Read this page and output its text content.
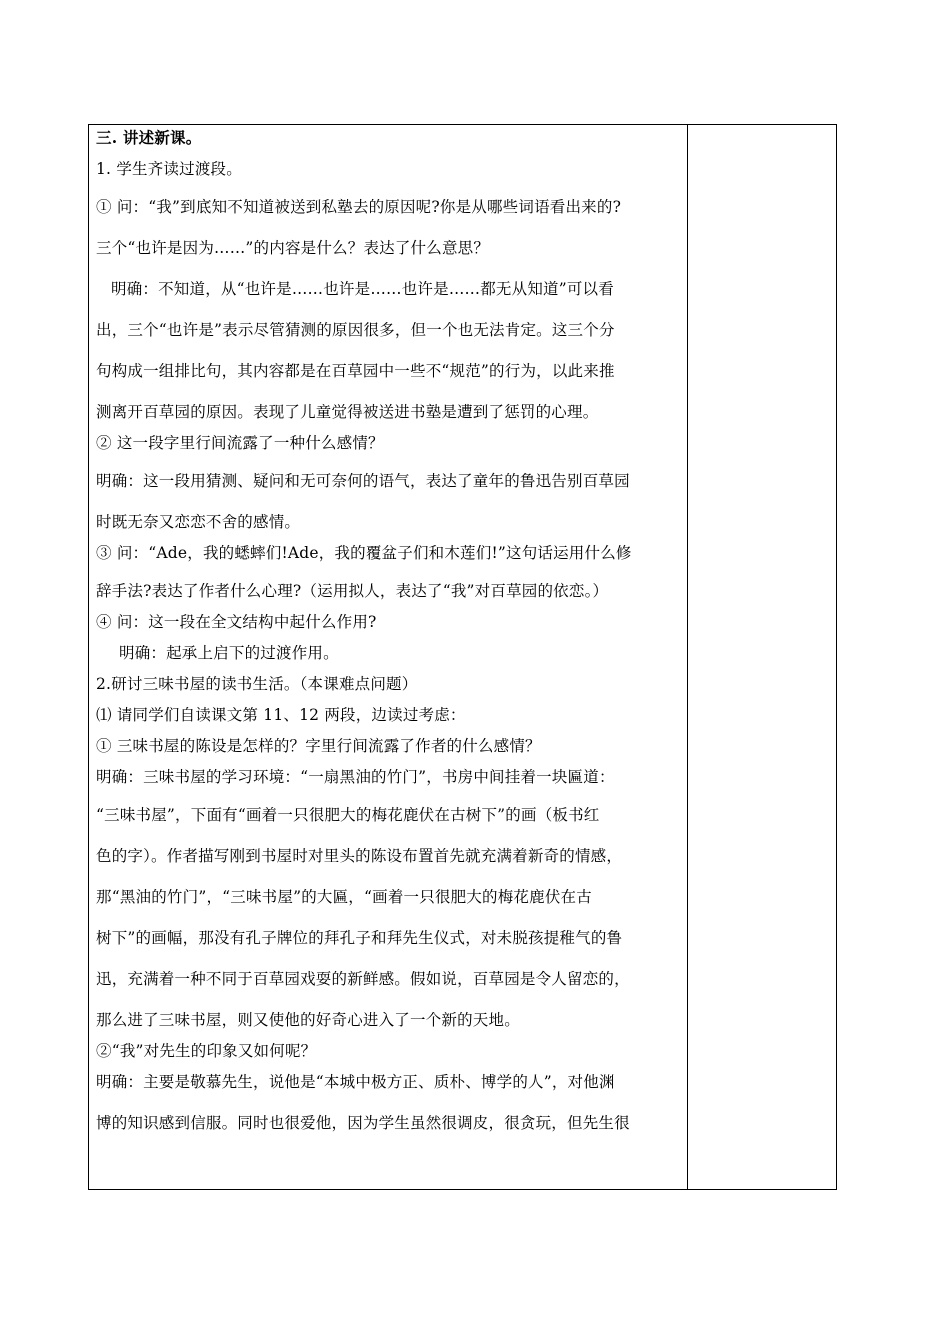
三. 讲述新课。
1. 学生齐读过渡段。
① 问：“我”到底知不知道被送到私塾去的原因呢?你是从哪些词语看出来的?
三个“也许是因为……”的内容是什么？表达了什么意思？
明确：不知道，从“也许是……也许是……也许是……都无从知道”可以看
出，三个“也许是”表示尽管猜测的原因很多，但一个也无法肯定。这三个分
句构成一组排比句，其内容都是在百草园中一些不“规范”的行为，以此来推
测离开百草园的原因。表现了儿童觉得被送进书塾是遭到了惩罚的心理。
② 这一段字里行间流露了一种什么感情？
明确：这一段用猜测、疑问和无可奈何的语气，表达了童年的鲁迅告别百草园
时既无奈又恋恋不舍的感情。
③ 问：“Ade，我的蟋蟀们!Ade，我的覆盆子们和木莲们!”这句话运用什么修
辞手法?表达了作者什么心理?（运用拟人，表达了“我”对百草园的依恋。）
④ 问：这一段在全文结构中起什么作用?
明确：起承上启下的过渡作用。
2.研讨三味书屋的读书生活。（本课难点问题）
⑴ 请同学们自读课文第 11、12 两段，边读过考虑：
① 三味书屋的陈设是怎样的？字里行间流露了作者的什么感情？
明确：三味书屋的学习环境：“一扇黑油的竹门”，书房中间挂着一块匾道：
“三味书屋”，下面有“画着一只很肥大的梅花鹿伏在古树下”的画（板书红
色的字）。作者描写刚到书屋时对里头的陈设布置首先就充满着新奇的情感，
那“黑油的竹门”，“三味书屋”的大匾，“画着一只很肥大的梅花鹿伏在古
树下”的画幅，那没有孔子牌位的拜孔子和拜先生仪式，对未脱孩提稚气的鲁
迅，充满着一种不同于百草园戏耍的新鲜感。假如说，百草园是令人留恋的，
那么进了三味书屋，则又使他的好奇心进入了一个新的天地。
②“我”对先生的印象又如何呢？
明确：主要是敬慕先生，说他是“本城中极方正、质朴、博学的人”，对他渊
博的知识感到信服。同时也很爱他，因为学生虽然很调皮，很贪玩，但先生很
